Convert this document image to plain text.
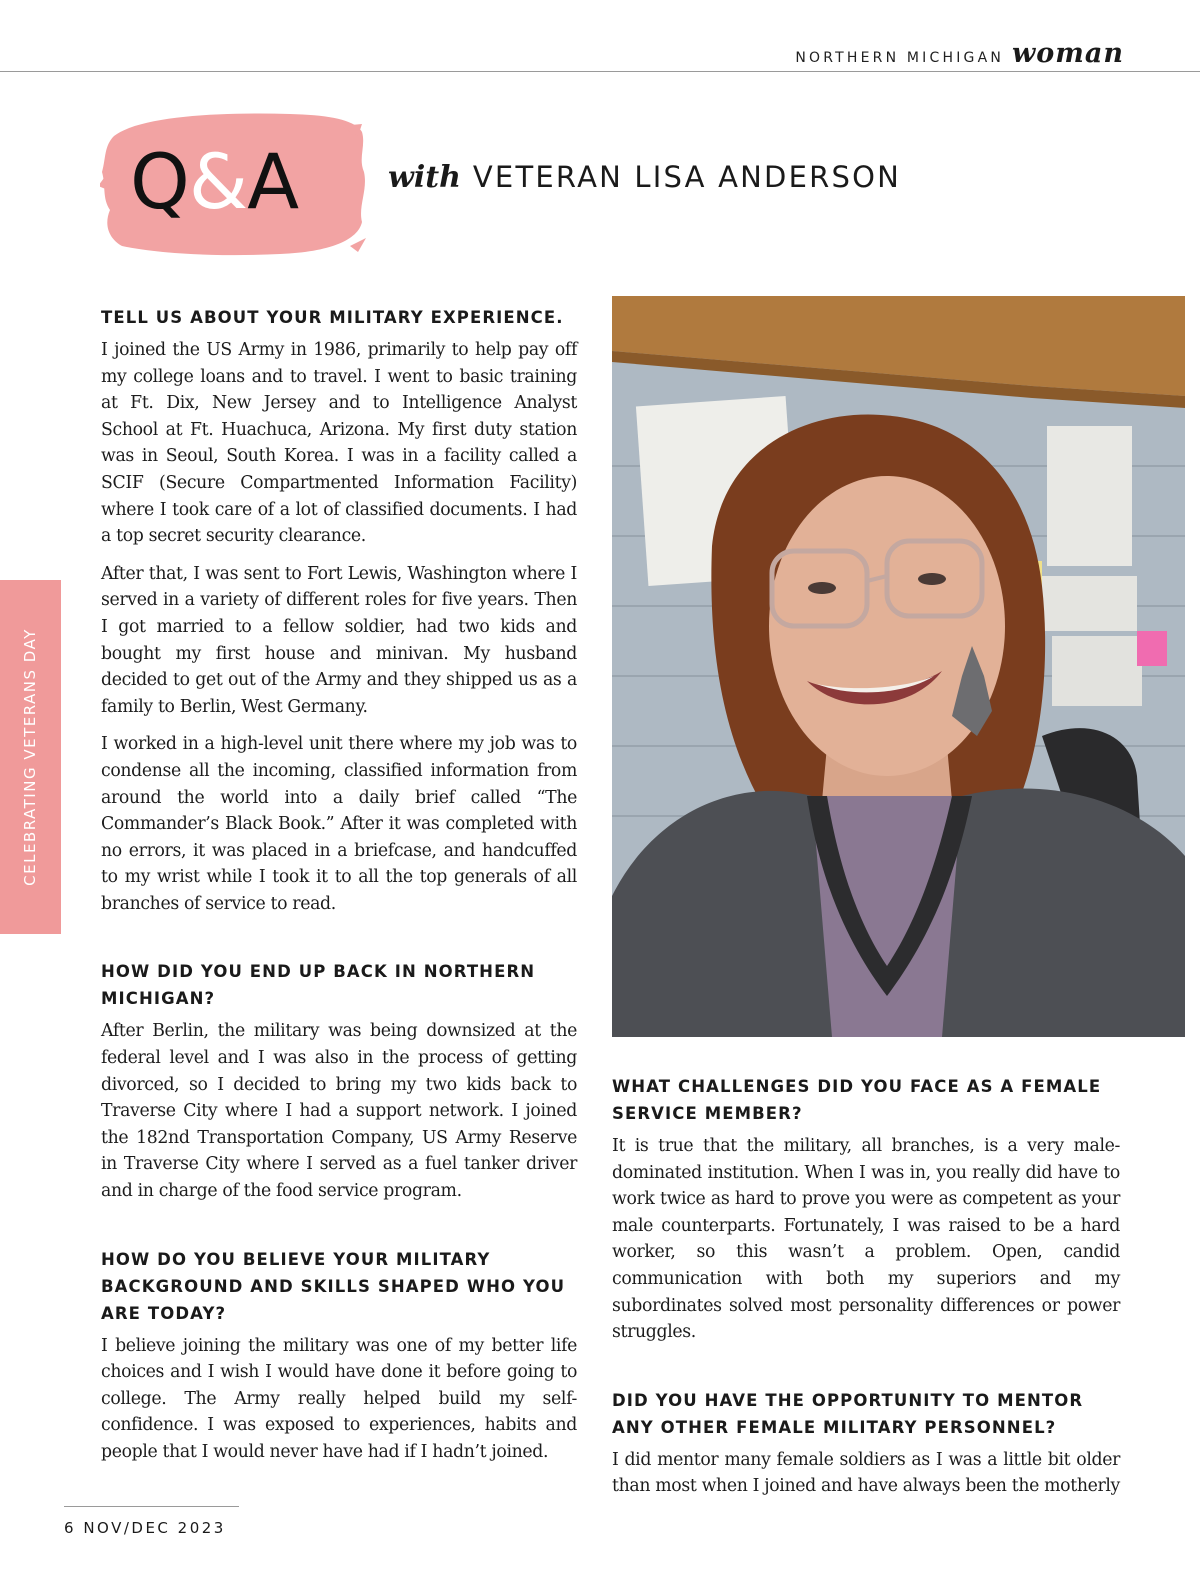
NORTHERN MICHIGAN woman
Q&A	with VETERAN LISA ANDERSON
CELEBRATING VETERANS DAY
TELL US ABOUT YOUR MILITARY EXPERIENCE.

I joined the US Army in 1986, primarily to help pay off my college loans and to travel. I went to basic training at Ft. Dix, New Jersey and to Intelligence Analyst School at Ft. Huachuca, Arizona. My first duty station was in Seoul, South Korea. I was in a facility called a SCIF (Secure Compartmented Information Facility) where I took care of a lot of classified documents. I had a top secret security clearance.

After that, I was sent to Fort Lewis, Washington where I served in a variety of different roles for five years. Then I got married to a fellow soldier, had two kids and bought my first house and minivan. My husband decided to get out of the Army and they shipped us as a family to Berlin, West Germany.

I worked in a high-level unit there where my job was to condense all the incoming, classified information from around the world into a daily brief called “The Commander’s Black Book.” After it was completed with no errors, it was placed in a briefcase, and handcuffed to my wrist while I took it to all the top generals of all branches of service to read.

HOW DID YOU END UP BACK IN NORTHERN MICHIGAN?

After Berlin, the military was being downsized at the federal level and I was also in the process of getting divorced, so I decided to bring my two kids back to Traverse City where I had a support network. I joined the 182nd Transportation Company, US Army Reserve in Traverse City where I served as a fuel tanker driver and in charge of the food service program.

HOW DO YOU BELIEVE YOUR MILITARY BACKGROUND AND SKILLS SHAPED WHO YOU ARE TODAY?

I believe joining the military was one of my better life choices and I wish I would have done it before going to college. The Army really helped build my self-confidence. I was exposed to experiences, habits and people that I would never have had if I hadn’t joined.

WHAT CHALLENGES DID YOU FACE AS A FEMALE SERVICE MEMBER?

It is true that the military, all branches, is a very male-dominated institution. When I was in, you really did have to work twice as hard to prove you were as competent as your male counterparts. Fortunately, I was raised to be a hard worker, so this wasn’t a problem. Open, candid communication with both my superiors and my subordinates solved most personality differences or power struggles.

DID YOU HAVE THE OPPORTUNITY TO MENTOR ANY OTHER FEMALE MILITARY PERSONNEL?

I did mentor many female soldiers as I was a little bit older than most when I joined and have always been the motherly

6 NOV/DEC 2023
